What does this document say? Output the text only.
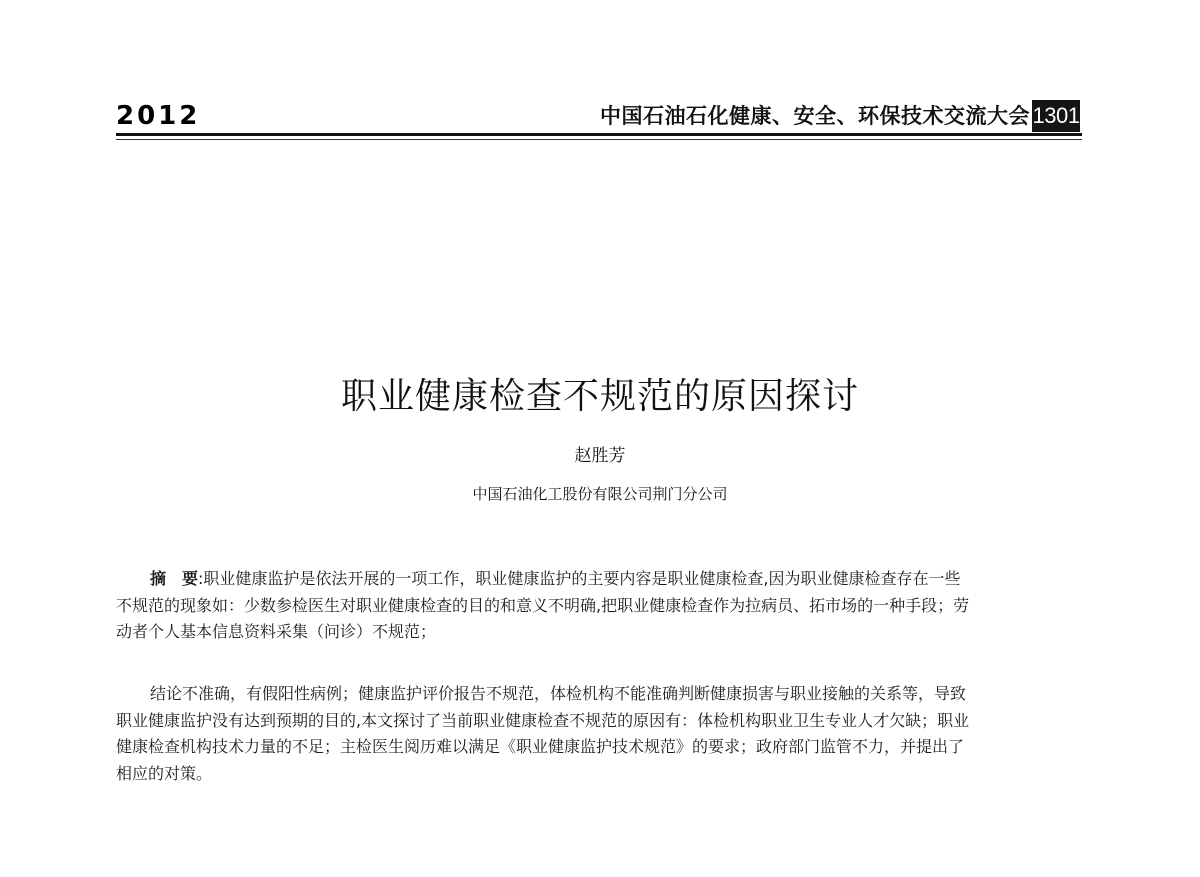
2012	中国石油石化健康、安全、环保技术交流大会 1301
职业健康检查不规范的原因探讨
赵胜芳
中国石油化工股份有限公司荆门分公司
摘　要:职业健康监护是依法开展的一项工作，职业健康监护的主要内容是职业健康检查,因为职业健康检查存在一些
不规范的现象如：少数参检医生对职业健康检查的目的和意义不明确,把职业健康检查作为拉病员、拓市场的一种手段；劳
动者个人基本信息资料采集（问诊）不规范；
结论不准确，有假阳性病例；健康监护评价报告不规范，体检机构不能准确判断健康损害与职业接触的关系等，导致
职业健康监护没有达到预期的目的,本文探讨了当前职业健康检查不规范的原因有：体检机构职业卫生专业人才欠缺；职业
健康检查机构技术力量的不足；主检医生阅历难以满足《职业健康监护技术规范》的要求；政府部门监管不力，并提出了
相应的对策。
